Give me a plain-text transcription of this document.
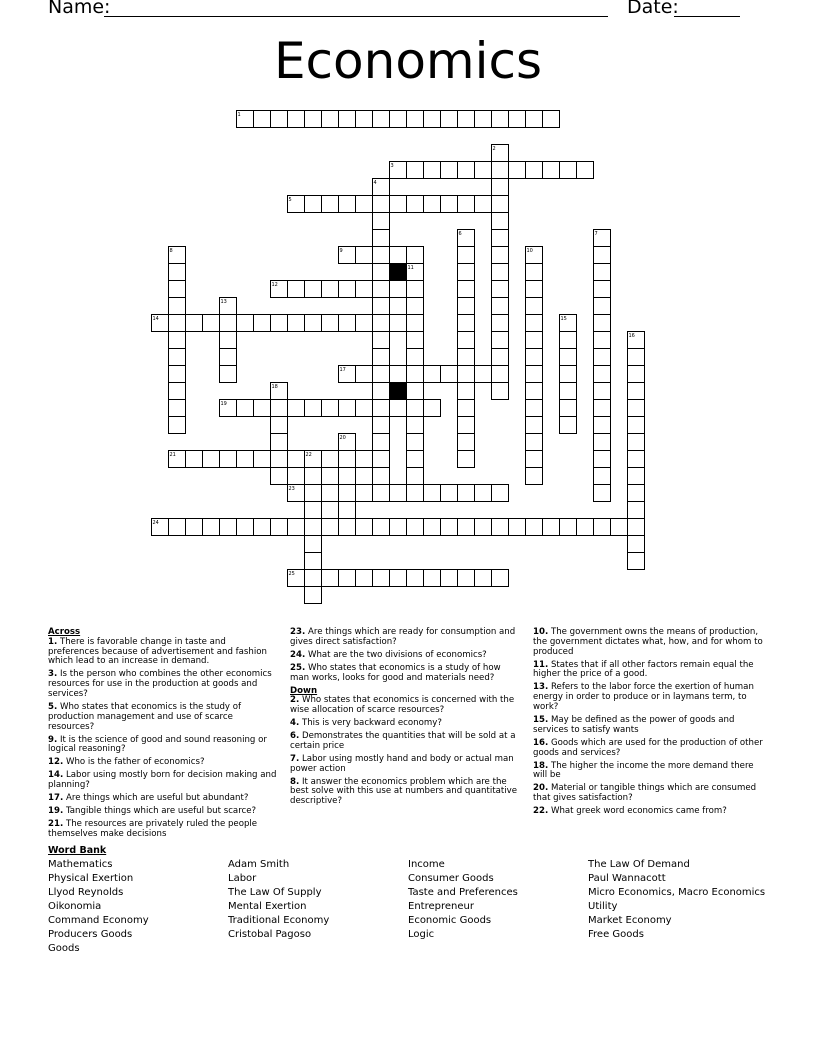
Name:	Date:
Economics
1
2
3
4
5
6	7
8	9	10
11
12
13
14	15
16
17
18
19
20
21	22
23
24
25
Across

1. There is favorable change in taste and preferences because of advertisement and fashion which lead to an increase in demand.

3. Is the person who combines the other economics resources for use in the production at goods and services?

5. Who states that economics is the study of production management and use of scarce resources?

9. It is the science of good and sound reasoning or logical reasoning?

12. Who is the father of economics?

14. Labor using mostly born for decision making and planning?

17. Are things which are useful but abundant?

19. Tangible things which are useful but scarce?

21. The resources are privately ruled the people themselves make decisions

23. Are things which are ready for consumption and gives direct satisfaction?

24. What are the two divisions of economics?

25. Who states that economics is a study of how man works, looks for good and materials need?

Down

2. Who states that economics is concerned with the wise allocation of scarce resources?

4. This is very backward economy?

6. Demonstrates the quantities that will be sold at a certain price

7. Labor using mostly hand and body or actual man power action

8. It answer the economics problem which are the best solve with this use at numbers and quantitative descriptive?

10. The government owns the means of production, the government dictates what, how, and for whom to produced

11. States that if all other factors remain equal the higher the price of a good.

13. Refers to the labor force the exertion of human energy in order to produce or in laymans term, to work?

15. May be defined as the power of goods and services to satisfy wants

16. Goods which are used for the production of other goods and services?

18. The higher the income the more demand there will be

20. Material or tangible things which are consumed that gives satisfaction?

22. What greek word economics came from?

Word Bank
Mathematics
Physical Exertion
Llyod Reynolds
Oikonomia
Command Economy
Producers Goods
Goods
Adam Smith
Labor
The Law Of Supply
Mental Exertion
Traditional Economy
Cristobal Pagoso
Income
Consumer Goods
Taste and Preferences
Entrepreneur
Economic Goods
Logic
The Law Of Demand
Paul Wannacott
Micro Economics, Macro Economics
Utility
Market Economy
Free Goods
